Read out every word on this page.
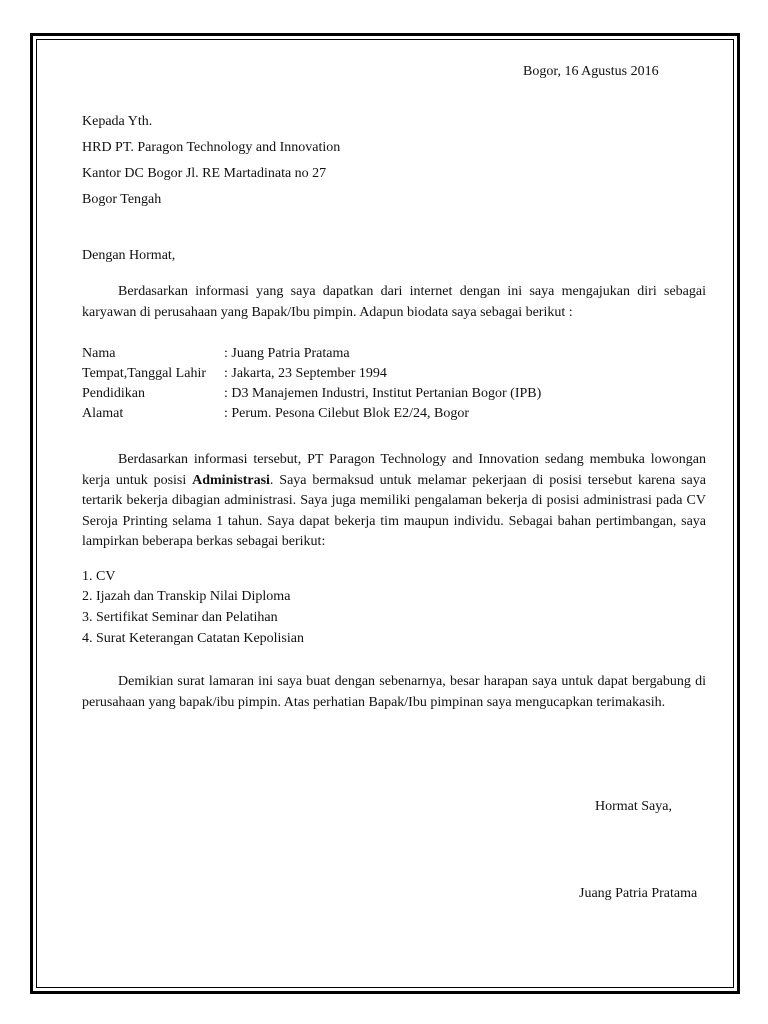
Bogor, 16 Agustus 2016

Kepada Yth.

HRD PT. Paragon Technology and Innovation

Kantor DC Bogor Jl. RE Martadinata no 27

Bogor Tengah

Dengan Hormat,

Berdasarkan informasi yang saya dapatkan dari internet dengan ini saya mengajukan diri sebagai karyawan di perusahaan yang Bapak/Ibu pimpin. Adapun biodata saya sebagai berikut :

Nama	: Juang Patria Pratama
Tempat,Tanggal Lahir : Jakarta, 23 September 1994
Pendidikan	: D3 Manajemen Industri, Institut Pertanian Bogor (IPB)
Alamat	: Perum. Pesona Cilebut Blok E2/24, Bogor

Berdasarkan informasi tersebut, PT Paragon Technology and Innovation sedang membuka lowongan kerja untuk posisi Administrasi. Saya bermaksud untuk melamar pekerjaan di posisi tersebut karena saya tertarik bekerja dibagian administrasi. Saya juga memiliki pengalaman bekerja di posisi administrasi pada CV Seroja Printing selama 1 tahun. Saya dapat bekerja tim maupun individu. Sebagai bahan pertimbangan, saya lampirkan beberapa berkas sebagai berikut:

1. CV
2. Ijazah dan Transkip Nilai Diploma
3. Sertifikat Seminar dan Pelatihan
4. Surat Keterangan Catatan Kepolisian

Demikian surat lamaran ini saya buat dengan sebenarnya, besar harapan saya untuk dapat bergabung di perusahaan yang bapak/ibu pimpin. Atas perhatian Bapak/Ibu pimpinan saya mengucapkan terimakasih.

Hormat Saya,

Juang Patria Pratama
